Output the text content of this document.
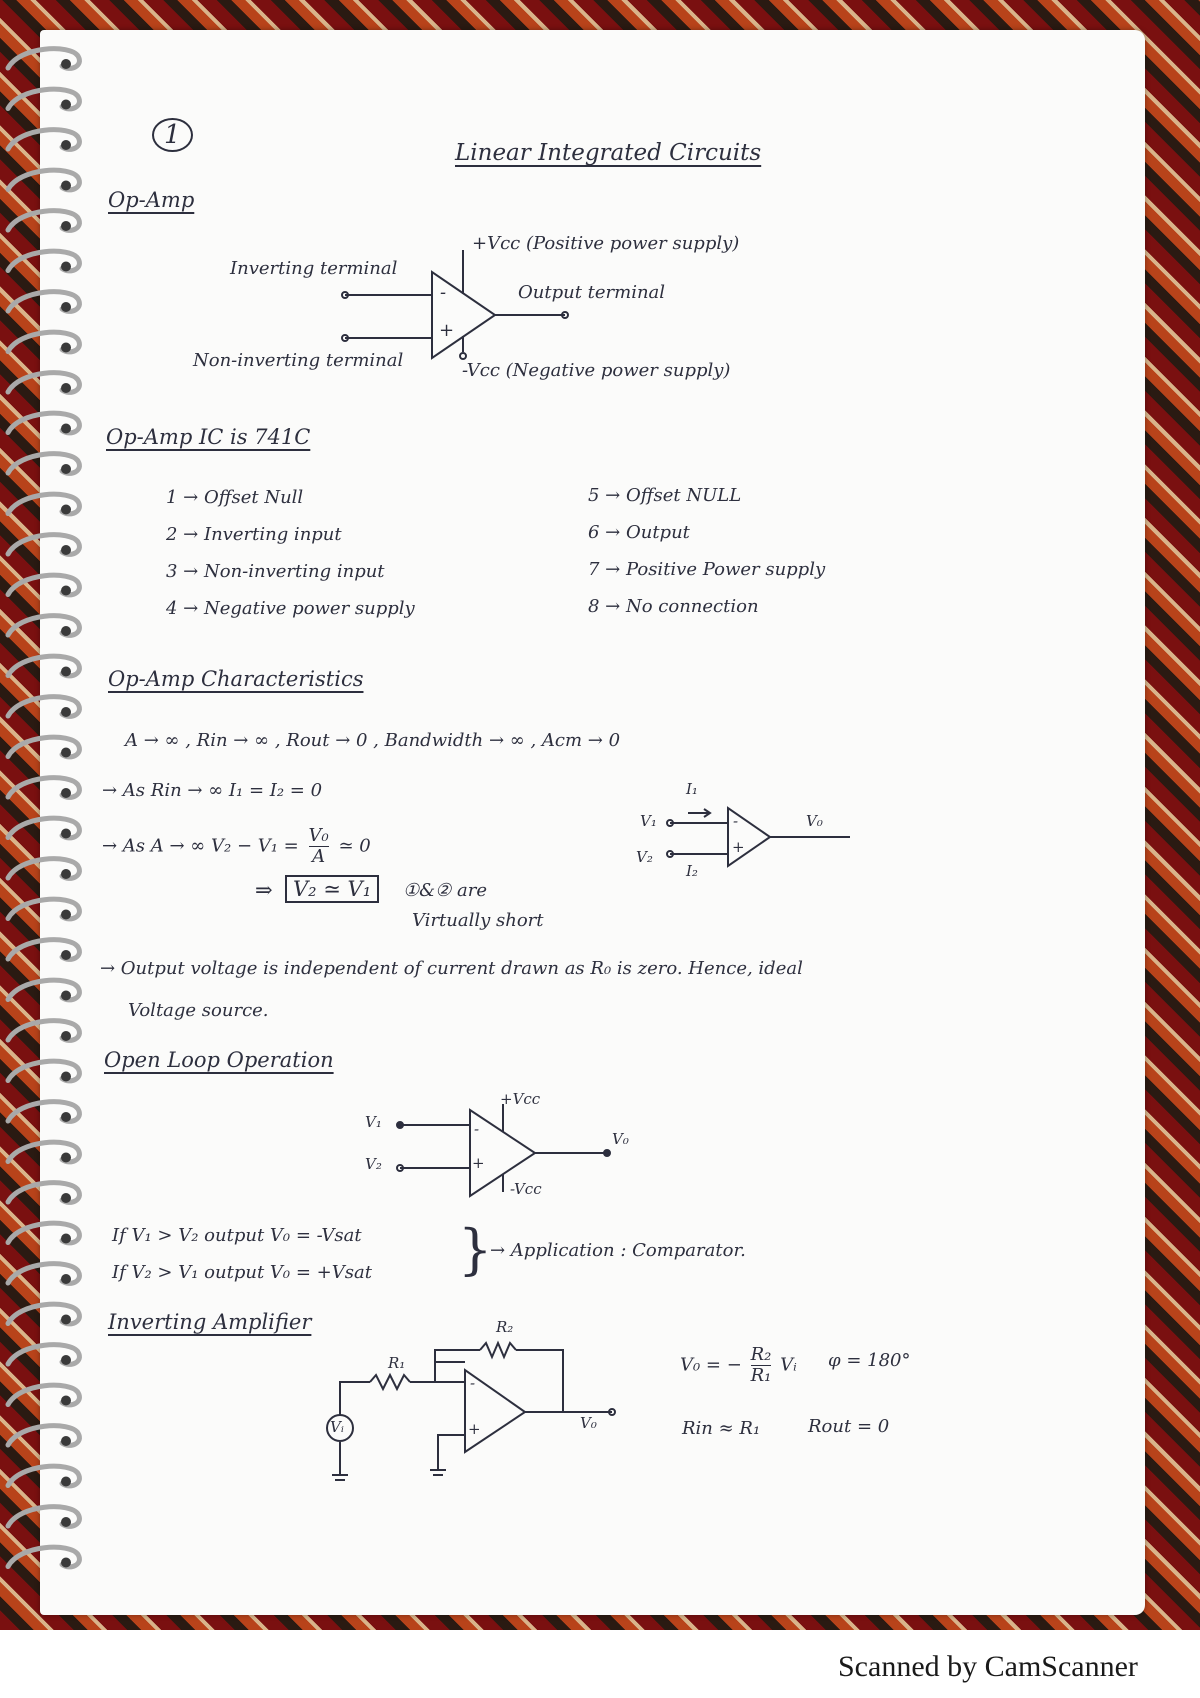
1
Linear Integrated Circuits
Op-Amp
Inverting terminal
Non-inverting terminal
+Vcc (Positive power supply)
Output terminal
-Vcc (Negative power supply)
-
+
Op-Amp IC is 741C
1 → Offset Null
2 → Inverting input
3 → Non-inverting input
4 → Negative power supply
5 → Offset NULL
6 → Output
7 → Positive Power supply
8 → No connection
Op-Amp Characteristics
A → ∞ , Rin → ∞ , Rout → 0 , Bandwidth → ∞ , Acm → 0
→ As Rin → ∞ I₁ = I₂ = 0
→ As A → ∞ $V_2 - V_1 = \frac{\text{V₀}}{A}$ ≃ 0
⇒ V₂ ≃ V₁	①&② are
Virtually short
I₁
I₂
V₁
V₂
V₀
-
+
→ Output voltage is independent of current drawn as R₀ is zero. Hence, ideal
Voltage source.
Open Loop Operation
V₁
V₂
V₀
+Vcc
-Vcc
-
+
If V₁ > V₂ output V₀ = -Vsat
If V₂ > V₁ output V₀ = +Vsat }
→ Application : Comparator.
Inverting Amplifier
R₁
R₂
Vᵢ	V₀
-
+
V₀ = − $\frac{\text{R₂}}{\text{R₁}}$ Vᵢ φ = 180°
Rin ≈ R₁	Rout = 0
Scanned by CamScanner
